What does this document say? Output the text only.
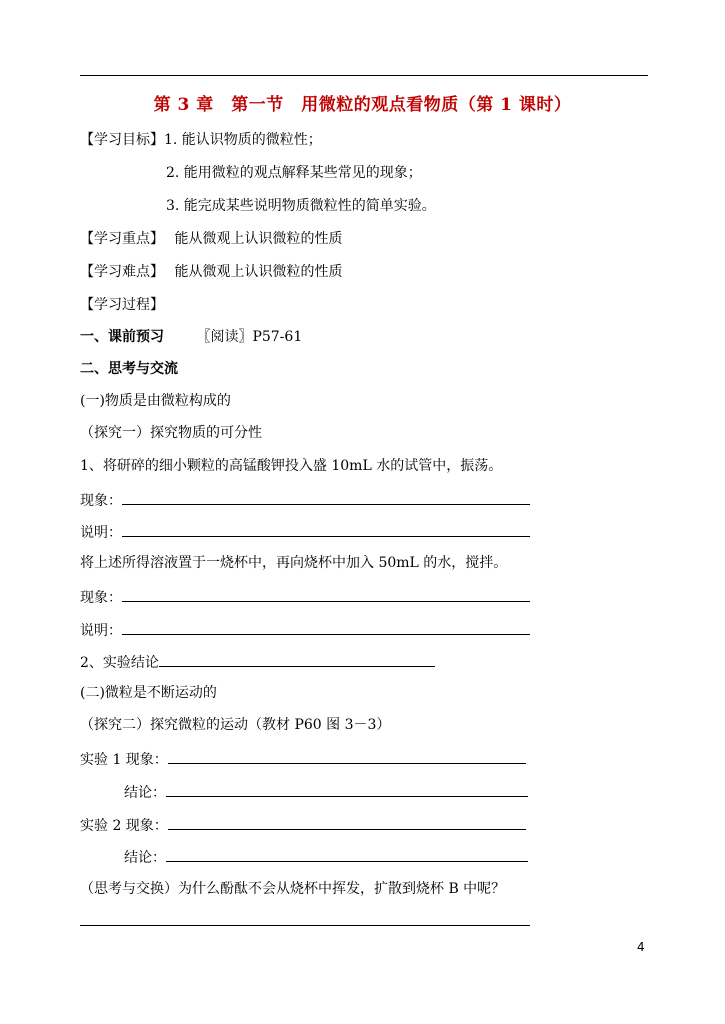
第 3 章　第一节　用微粒的观点看物质（第 1 课时）
【学习目标】1. 能认识物质的微粒性；
2. 能用微粒的观点解释某些常见的现象；
3. 能完成某些说明物质微粒性的简单实验。
【学习重点】 能从微观上认识微粒的性质
【学习难点】 能从微观上认识微粒的性质
【学习过程】
一、课前预习 〖阅读〗P57-61
二、思考与交流
(一)物质是由微粒构成的
（探究一）探究物质的可分性
1、将研碎的细小颗粒的高锰酸钾投入盛 10mL 水的试管中，振荡。
现象：
说明：
将上述所得溶液置于一烧杯中，再向烧杯中加入 50mL 的水，搅拌。
现象：
说明：
2、实验结论
(二)微粒是不断运动的
（探究二）探究微粒的运动（教材 P60 图 3－3）
实验 1 现象：
结论：
实验 2 现象：
结论：
（思考与交换）为什么酚酞不会从烧杯中挥发，扩散到烧杯 B 中呢？
4
